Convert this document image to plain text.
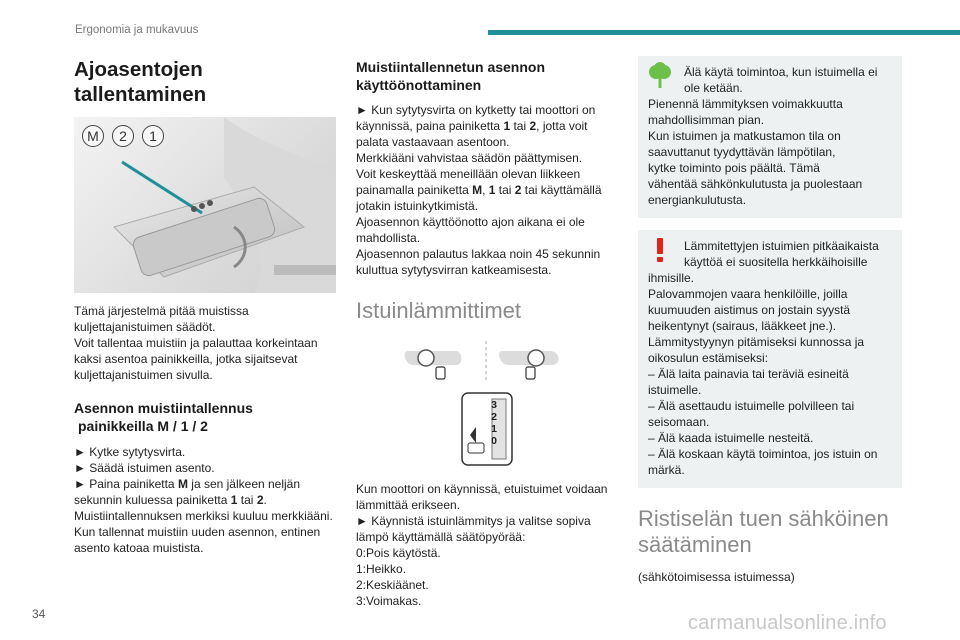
Ergonomia ja mukavuus
Ajoasentojen tallentaminen
M	2	1

Tämä järjestelmä pitää muistissa

kuljettajanistuimen säädöt.

Voit tallentaa muistiin ja palauttaa korkeintaan

kaksi asentoa painikkeilla, jotka sijaitsevat

kuljettajanistuimen sivulla.

Asennon muistiintallennus
painikkeilla M / 1 / 2

► Kytke sytytysvirta.

► Säädä istuimen asento.

► Paina painiketta M ja sen jälkeen neljän

sekunnin kuluessa painiketta 1 tai 2.

Muistiintallennuksen merkiksi kuuluu merkkiääni.

Kun tallennat muistiin uuden asennon, entinen

asento katoaa muistista.

Muistiintallennetun asennon
käyttöönottaminen

► Kun sytytysvirta on kytketty tai moottori on

käynnissä, paina painiketta 1 tai 2, jotta voit

palata vastaavaan asentoon.

Merkkiääni vahvistaa säädön päättymisen.

Voit keskeyttää meneillään olevan liikkeen

painamalla painiketta M, 1 tai 2 tai käyttämällä

jotakin istuinkytkimistä.

Ajoasennon käyttöönotto ajon aikana ei ole

mahdollista.

Ajoasennon palautus lakkaa noin 45 sekunnin

kuluttua sytytysvirran katkeamisesta.

Istuinlämmittimet
3
2
1
0

Kun moottori on käynnissä, etuistuimet voidaan

lämmittää erikseen.

► Käynnistä istuinlämmitys ja valitse sopiva

lämpö käyttämällä säätöpyörää:

0:Pois käytöstä.

1:Heikko.

2:Keskiäänet.

3:Voimakas.

Älä käytä toimintoa, kun istuimella ei

ole ketään.

Pienennä lämmityksen voimakkuutta

mahdollisimman pian.

Kun istuimen ja matkustamon tila on

saavuttanut tyydyttävän lämpötilan,

kytke toiminto pois päältä. Tämä

vähentää sähkönkulutusta ja puolestaan

energiankulutusta.

Lämmitettyjen istuimien pitkäaikaista

käyttöä ei suositella herkkäihoisille

ihmisille.

Palovammojen vaara henkilöille, joilla

kuumuuden aistimus on jostain syystä

heikentynyt (sairaus, lääkkeet jne.).

Lämmitystyynyn pitämiseksi kunnossa ja

oikosulun estämiseksi:

– Älä laita painavia tai teräviä esineitä

istuimelle.

– Älä asettaudu istuimelle polvilleen tai

seisomaan.

– Älä kaada istuimelle nesteitä.

– Älä koskaan käytä toimintoa, jos istuin on

märkä.

Ristiselän tuen sähköinen
säätäminen
(sähkötoimisessa istuimessa)
34	carmanualsonline.info
